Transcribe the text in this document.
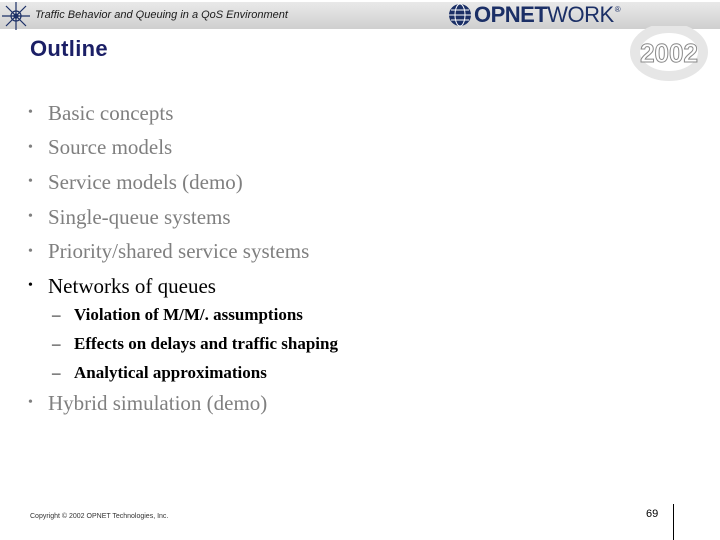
Traffic Behavior and Queuing in a QoS Environment	OPNETWORK ®
2002
Outline
• Basic concepts
• Source models
• Service models (demo)
• Single-queue systems
• Priority/shared service systems
• Networks of queues
– Violation of M/M/. assumptions
– Effects on delays and traffic shaping
– Analytical approximations
• Hybrid simulation (demo)
Copyright © 2002 OPNET Technologies, Inc.	69
